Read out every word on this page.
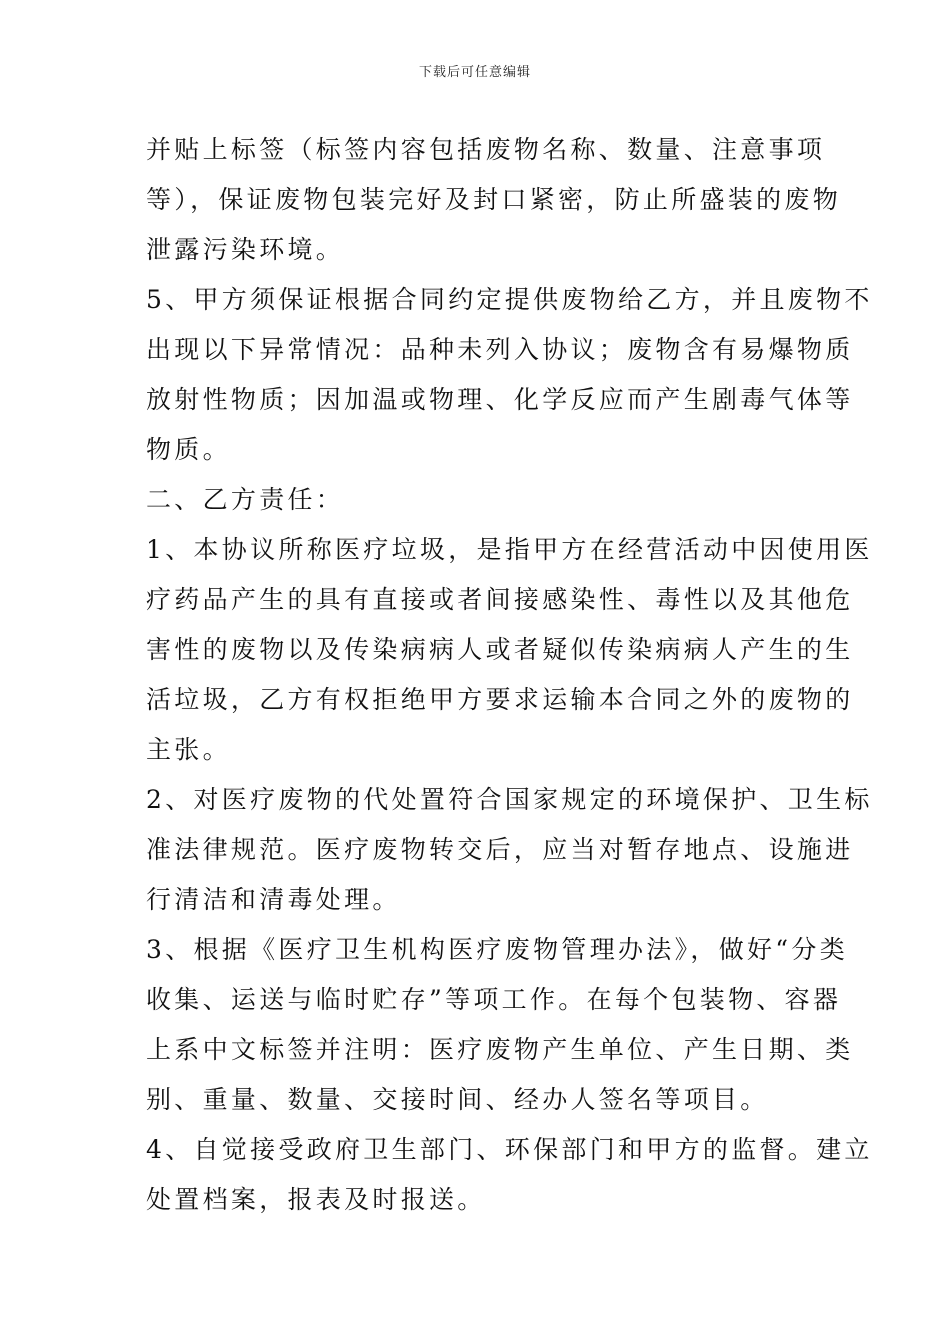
下载后可任意编辑
并贴上标签（标签内容包括废物名称、数量、注意事项
等），保证废物包装完好及封口紧密，防止所盛装的废物
泄露污染环境。
5、甲方须保证根据合同约定提供废物给乙方，并且废物不
出现以下异常情况：品种未列入协议；废物含有易爆物质
放射性物质；因加温或物理、化学反应而产生剧毒气体等
物质。
二、乙方责任：
1、本协议所称医疗垃圾，是指甲方在经营活动中因使用医
疗药品产生的具有直接或者间接感染性、毒性以及其他危
害性的废物以及传染病病人或者疑似传染病病人产生的生
活垃圾，乙方有权拒绝甲方要求运输本合同之外的废物的
主张。
2、对医疗废物的代处置符合国家规定的环境保护、卫生标
准法律规范。医疗废物转交后，应当对暂存地点、设施进
行清洁和清毒处理。
3、根据《医疗卫生机构医疗废物管理办法》，做好“分类
收集、运送与临时贮存”等项工作。在每个包装物、容器
上系中文标签并注明：医疗废物产生单位、产生日期、类
别、重量、数量、交接时间、经办人签名等项目。
4、自觉接受政府卫生部门、环保部门和甲方的监督。建立
处置档案，报表及时报送。
